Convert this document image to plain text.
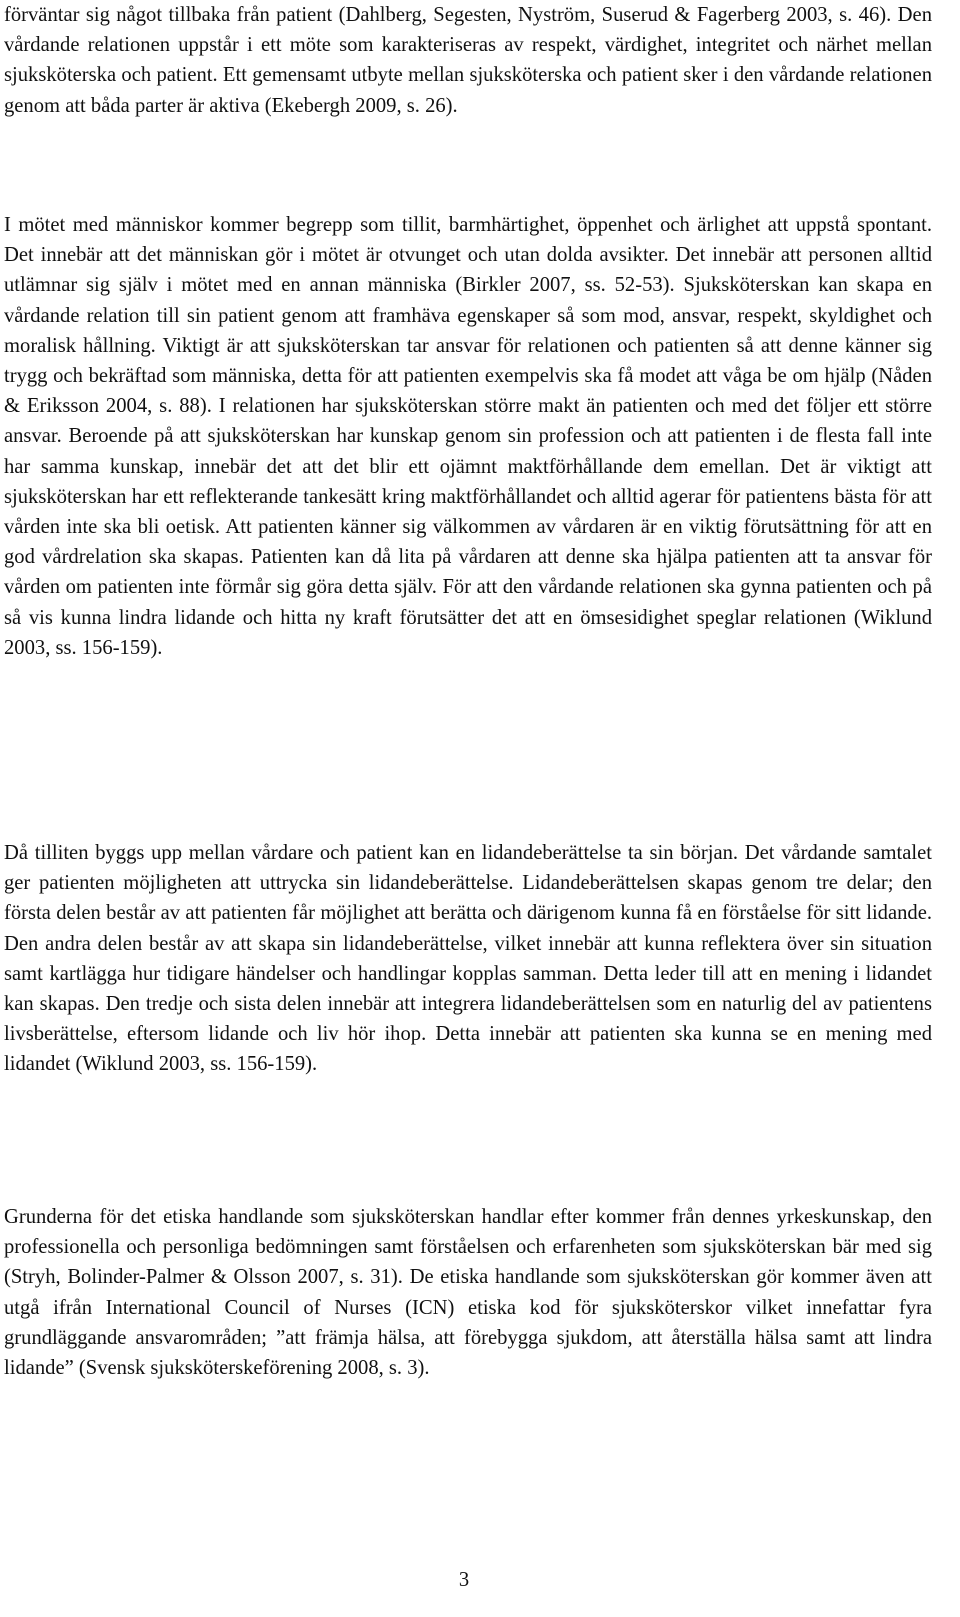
förväntar sig något tillbaka från patient (Dahlberg, Segesten, Nyström, Suserud & Fagerberg 2003, s. 46). Den vårdande relationen uppstår i ett möte som karakteriseras av respekt, värdighet, integritet och närhet mellan sjuksköterska och patient. Ett gemensamt utbyte mellan sjuksköterska och patient sker i den vårdande relationen genom att båda parter är aktiva (Ekebergh 2009, s. 26).

I mötet med människor kommer begrepp som tillit, barmhärtighet, öppenhet och ärlighet att uppstå spontant. Det innebär att det människan gör i mötet är otvunget och utan dolda avsikter. Det innebär att personen alltid utlämnar sig själv i mötet med en annan människa (Birkler 2007, ss. 52-53). Sjuksköterskan kan skapa en vårdande relation till sin patient genom att framhäva egenskaper så som mod, ansvar, respekt, skyldighet och moralisk hållning. Viktigt är att sjuksköterskan tar ansvar för relationen och patienten så att denne känner sig trygg och bekräftad som människa, detta för att patienten exempelvis ska få modet att våga be om hjälp (Nåden & Eriksson 2004, s. 88). I relationen har sjuksköterskan större makt än patienten och med det följer ett större ansvar. Beroende på att sjuksköterskan har kunskap genom sin profession och att patienten i de flesta fall inte har samma kunskap, innebär det att det blir ett ojämnt maktförhållande dem emellan. Det är viktigt att sjuksköterskan har ett reflekterande tankesätt kring maktförhållandet och alltid agerar för patientens bästa för att vården inte ska bli oetisk. Att patienten känner sig välkommen av vårdaren är en viktig förutsättning för att en god vårdrelation ska skapas. Patienten kan då lita på vårdaren att denne ska hjälpa patienten att ta ansvar för vården om patienten inte förmår sig göra detta själv. För att den vårdande relationen ska gynna patienten och på så vis kunna lindra lidande och hitta ny kraft förutsätter det att en ömsesidighet speglar relationen (Wiklund 2003, ss. 156-159).

Då tilliten byggs upp mellan vårdare och patient kan en lidandeberättelse ta sin början. Det vårdande samtalet ger patienten möjligheten att uttrycka sin lidandeberättelse. Lidandeberättelsen skapas genom tre delar; den första delen består av att patienten får möjlighet att berätta och därigenom kunna få en förståelse för sitt lidande. Den andra delen består av att skapa sin lidandeberättelse, vilket innebär att kunna reflektera över sin situation samt kartlägga hur tidigare händelser och handlingar kopplas samman. Detta leder till att en mening i lidandet kan skapas. Den tredje och sista delen innebär att integrera lidandeberättelsen som en naturlig del av patientens livsberättelse, eftersom lidande och liv hör ihop. Detta innebär att patienten ska kunna se en mening med lidandet (Wiklund 2003, ss. 156-159).

Grunderna för det etiska handlande som sjuksköterskan handlar efter kommer från dennes yrkeskunskap, den professionella och personliga bedömningen samt förståelsen och erfarenheten som sjuksköterskan bär med sig (Stryh, Bolinder-Palmer & Olsson 2007, s. 31). De etiska handlande som sjuksköterskan gör kommer även att utgå ifrån International Council of Nurses (ICN) etiska kod för sjuksköterskor vilket innefattar fyra grundläggande ansvarområden; ”att främja hälsa, att förebygga sjukdom, att återställa hälsa samt att lindra lidande” (Svensk sjuksköterskeförening 2008, s. 3).

3
